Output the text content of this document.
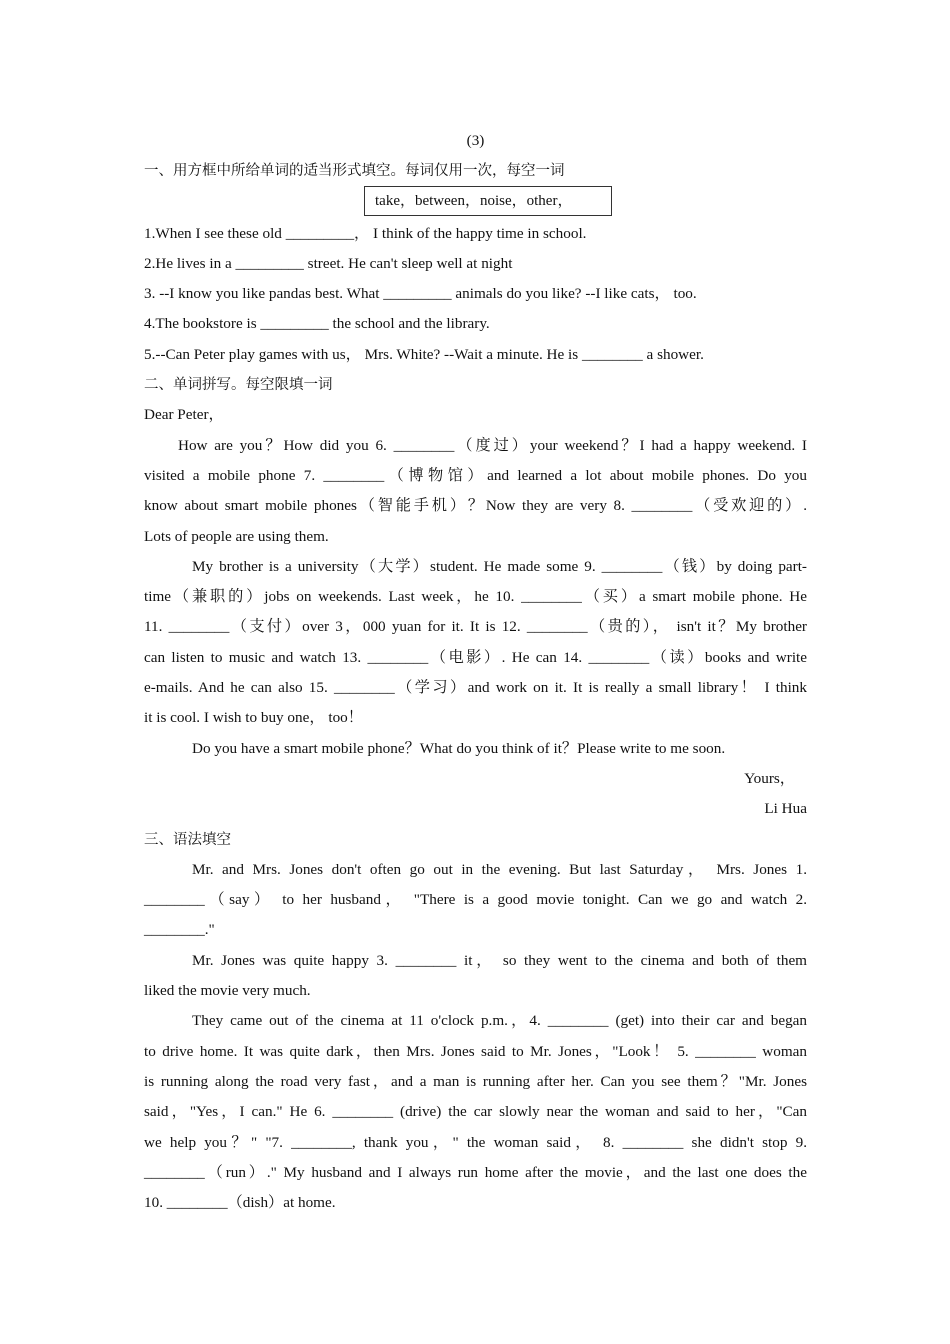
(3)
一、用方框中所给单词的适当形式填空。每词仅用一次，每空一词
take，between，noise，other，
1.When I see these old _________， I think of the happy time in school.
2.He lives in a _________ street. He can't sleep well at night
3. --I know you like pandas best. What _________ animals do you like? --I like cats， too.
4.The bookstore is _________ the school and the library.
5.--Can Peter play games with us， Mrs. White? --Wait a minute. He is ________ a shower.
二、单词拼写。每空限填一词
Dear Peter，
How are you？How did you 6. ________（度过）your weekend？I had a happy weekend. I
visited a mobile phone 7. ________（博物馆）and learned a lot about mobile phones. Do you
know about smart mobile phones（智能手机）？Now they are very 8. ________（受欢迎的）.
Lots of people are using them.
My brother is a university（大学）student. He made some 9. ________（钱）by doing part-
time（兼职的）jobs on weekends. Last week，he 10. ________（买）a smart mobile phone. He
11. ________（支付）over 3，000 yuan for it. It is 12. ________（贵的）， isn't it？My brother
can listen to music and watch 13. ________（电影）. He can 14. ________（读）books and write
e-mails. And he can also 15. ________（学习）and work on it. It is really a small library！ I think
it is cool. I wish to buy one， too！
Do you have a smart mobile phone？What do you think of it？Please write to me soon.
Yours，
Li Hua
三、语法填空
Mr. and Mrs. Jones don't often go out in the evening. But last Saturday， Mrs. Jones 1.
________（say） to her husband， "There is a good movie tonight. Can we go and watch 2.
________."
Mr. Jones was quite happy 3. ________ it， so they went to the cinema and both of them
liked the movie very much.
They came out of the cinema at 11 o'clock p.m.，4. ________ (get) into their car and began
to drive home. It was quite dark，then Mrs. Jones said to Mr. Jones，"Look！ 5. ________ woman
is running along the road very fast，and a man is running after her. Can you see them？"Mr. Jones
said，"Yes，I can." He 6. ________ (drive) the car slowly near the woman and said to her，"Can
we help you？" "7. ________, thank you，" the woman said， 8. ________ she didn't stop 9.
________（run）." My husband and I always run home after the movie，and the last one does the
10. ________（dish）at home.
